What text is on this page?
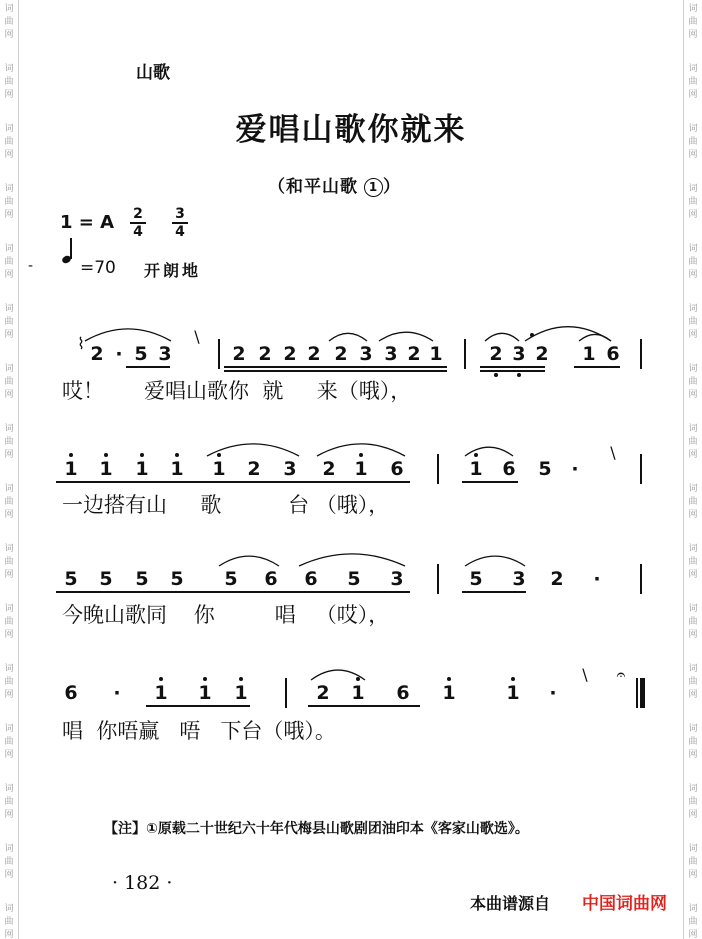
词
曲
网
词
曲
网
词
曲
网
词
曲
网
词
曲
网
词
曲
网
词
曲
网
词
曲
网
词
曲
网
词
曲
网
词
曲
网
词
曲
网
词
曲
网
词
曲
网
词
曲
网
词
曲
网
词
曲
网
词
曲
网
词
曲
网
词
曲
网
词
曲
网
词
曲
网
词
曲
网
词
曲
网
词
曲
网
词
曲
网
词
曲
网
词
曲
网
词
曲
网
词
曲
网
词
曲
网
词
曲
网
山歌
爱唱山歌你就来
（和平山歌 1 ）
1 = A 2
4
3
4
-	=70 开朗地
2 · 5 3	2 2 2 2 2 3 3 2 1 2 3 2 1 6
⌇	\
哎！      爱唱山歌你  就     来（哦），
1 1 1 1 1 2 3 2 1 6	1 6 5 ·
\
一边搭有山     歌          台 （哦），
5 5 5 5 5 6 6 5 3	5 3 2 ·
今晚山歌同    你         唱   （哎），
6 · 1 1 1	2 1 6 1	1 ·
\	𝄐
唱  你唔赢   唔   下台（哦）。
【注】①原载二十世纪六十年代梅县山歌剧团油印本《客家山歌选》。
· 182 ·
本曲谱源自 中国词曲网
